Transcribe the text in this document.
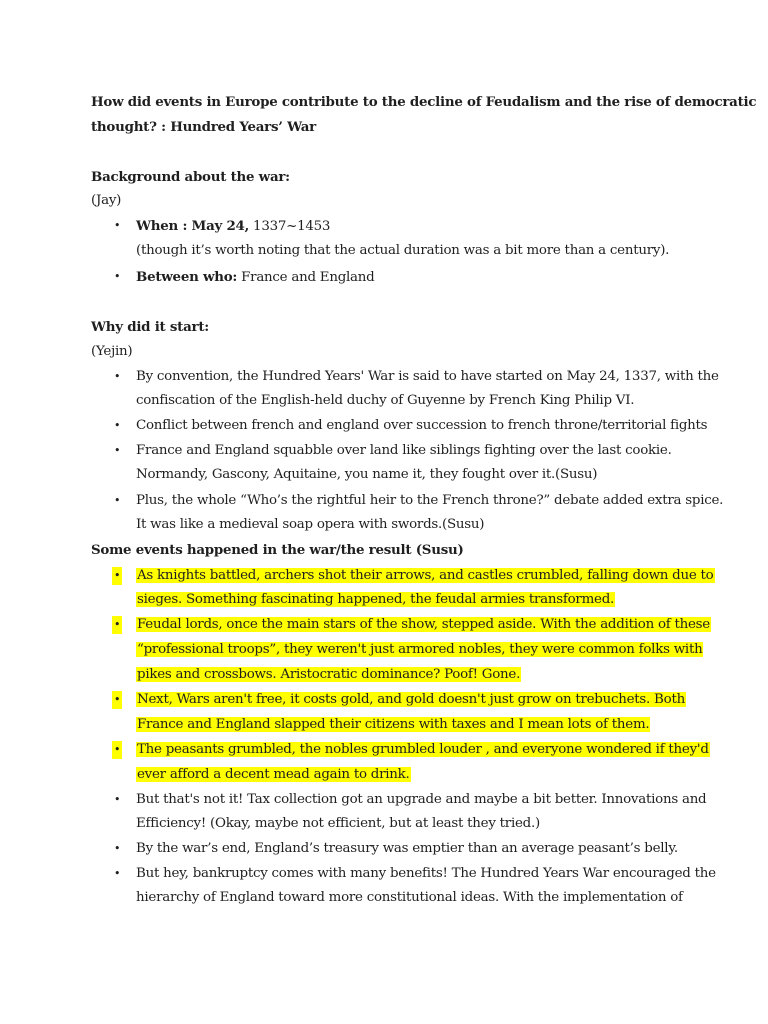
How did events in Europe contribute to the decline of Feudalism and the rise of democratic
thought? : Hundred Years’ War
Background about the war:
(Jay)
• When : May 24, 1337~1453
(though it’s worth noting that the actual duration was a bit more than a century).
• Between who: France and England
Why did it start:
(Yejin)
• By convention, the Hundred Years' War is said to have started on May 24, 1337, with the
confiscation of the English-held duchy of Guyenne by French King Philip VI.
• Conflict between french and england over succession to french throne/territorial fights
• France and England squabble over land like siblings fighting over the last cookie.
Normandy, Gascony, Aquitaine, you name it, they fought over it.(Susu)
• Plus, the whole “Who’s the rightful heir to the French throne?” debate added extra spice.
It was like a medieval soap opera with swords.(Susu)
Some events happened in the war/the result (Susu)
• As knights battled, archers shot their arrows, and castles crumbled, falling down due to
sieges. Something fascinating happened, the feudal armies transformed.
• Feudal lords, once the main stars of the show, stepped aside. With the addition of these
“professional troops”, they weren't just armored nobles, they were common folks with
pikes and crossbows. Aristocratic dominance? Poof! Gone.
• Next, Wars aren't free, it costs gold, and gold doesn't just grow on trebuchets. Both
France and England slapped their citizens with taxes and I mean lots of them.
• The peasants grumbled, the nobles grumbled louder , and everyone wondered if they'd
ever afford a decent mead again to drink.
• But that's not it! Tax collection got an upgrade and maybe a bit better. Innovations and
Efficiency! (Okay, maybe not efficient, but at least they tried.)
• By the war’s end, England’s treasury was emptier than an average peasant’s belly.
• But hey, bankruptcy comes with many benefits! The Hundred Years War encouraged the
hierarchy of England toward more constitutional ideas. With the implementation of
